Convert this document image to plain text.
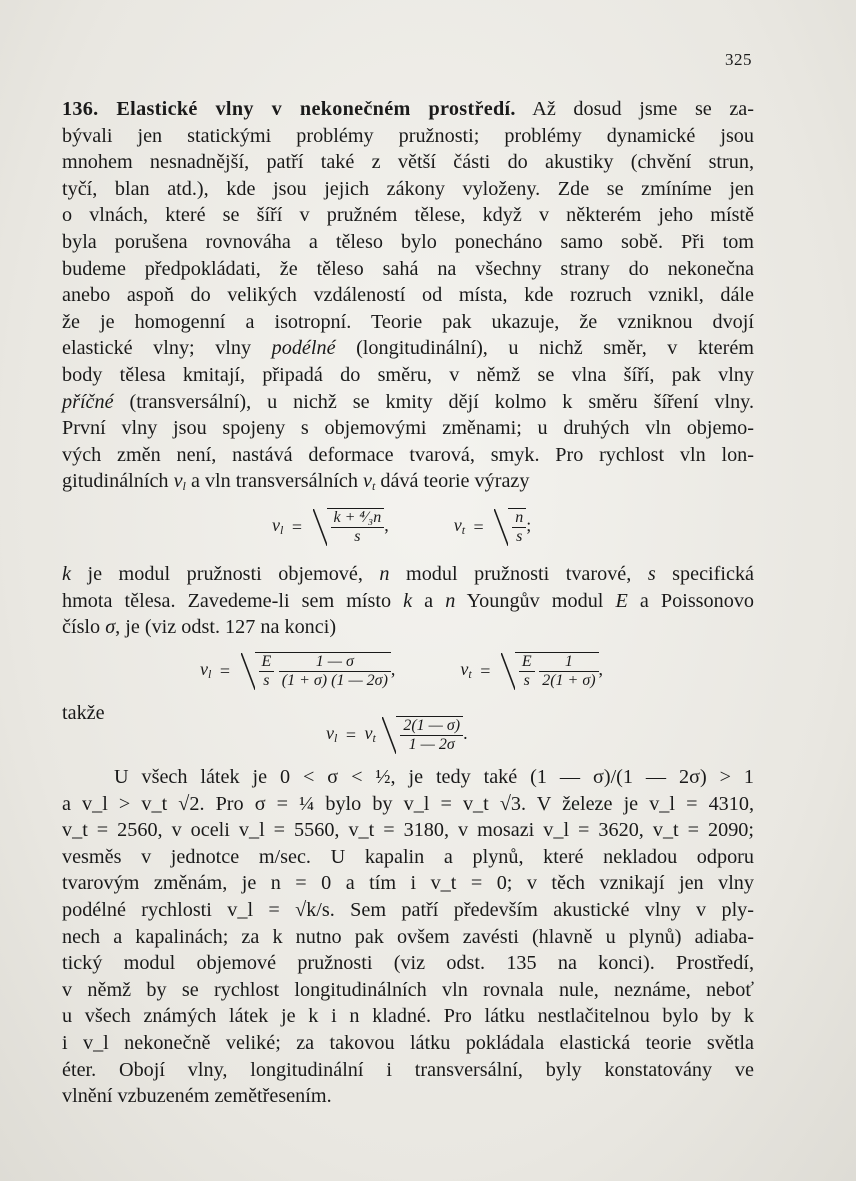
325
136. Elastické vlny v nekonečném prostředí. Až dosud jsme se za-
bývali jen statickými problémy pružnosti; problémy dynamické jsou
mnohem nesnadnější, patří také z větší části do akustiky (chvění strun,
tyčí, blan atd.), kde jsou jejich zákony vyloženy. Zde se zmíníme jen
o vlnách, které se šíří v pružném tělese, když v některém jeho místě
byla porušena rovnováha a těleso bylo ponecháno samo sobě. Při tom
budeme předpokládati, že těleso sahá na všechny strany do nekonečna
anebo aspoň do velikých vzdáleností od místa, kde rozruch vznikl, dále
že je homogenní a isotropní. Teorie pak ukazuje, že vzniknou dvojí
elastické vlny; vlny podélné (longitudinální), u nichž směr, v kterém
body tělesa kmitají, připadá do směru, v němž se vlna šíří, pak vlny
příčné (transversální), u nichž se kmity dějí kolmo k směru šíření vlny.
První vlny jsou spojeny s objemovými změnami; u druhých vln objemo-
vých změn není, nastává deformace tvarová, smyk. Pro rychlost vln lon-
gitudinálních $v_l$ a vln transversálních $v_t$ dává teorie výrazy
$v_l = \frac{\text{k + ⁴⁄₃n}}{s}$ ,	$v_t = \frac{n}{s}$ ;
k je modul pružnosti objemové, n modul pružnosti tvarové, s specifická
hmota tělesa. Zavedeme-li sem místo k a n Youngův modul E a Poissonovo
číslo σ, je (viz odst. 127 na konci)
$v_l = \frac{E}{s}$
$\frac{1 — \sigma}{(1 + \sigma) (1 — 2\sigma)}$ ,	$v_t = \frac{E}{s}$
$\frac{1}{2(1 + \sigma)}$ ,
takže
$v_l = v_t \frac{2(1 — \sigma)}{1 — 2\sigma}$ .
U všech látek je 0 < σ < ½, je tedy také (1 — σ)/(1 — 2σ) > 1
a v_l > v_t √2. Pro σ = ¼ bylo by v_l = v_t √3. V železe je v_l = 4310,
v_t = 2560, v oceli v_l = 5560, v_t = 3180, v mosazi v_l = 3620, v_t = 2090;
vesměs v jednotce m/sec. U kapalin a plynů, které nekladou odporu
tvarovým změnám, je n = 0 a tím i v_t = 0; v těch vznikají jen vlny
podélné rychlosti v_l = √k/s. Sem patří především akustické vlny v ply-
nech a kapalinách; za k nutno pak ovšem zavésti (hlavně u plynů) adiaba-
tický modul objemové pružnosti (viz odst. 135 na konci). Prostředí,
v němž by se rychlost longitudinálních vln rovnala nule, neznáme, neboť
u všech známých látek je k i n kladné. Pro látku nestlačitelnou bylo by k
i v_l nekonečně veliké; za takovou látku pokládala elastická teorie světla
éter. Obojí vlny, longitudinální i transversální, byly konstatovány ve
vlnění vzbuzeném zemětřesením.
